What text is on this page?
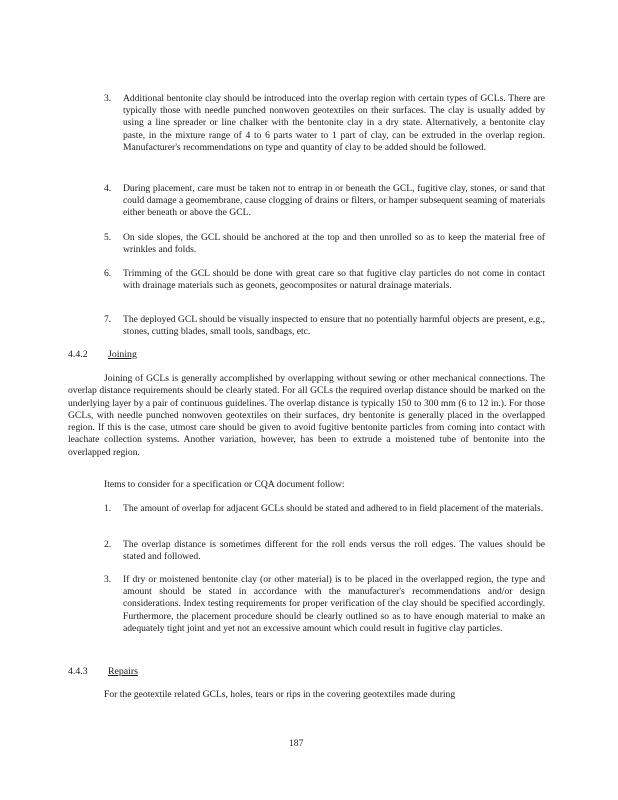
3. Additional bentonite clay should be introduced into the overlap region with certain types of GCLs. There are typically those with needle punched nonwoven geotextiles on their surfaces. The clay is usually added by using a line spreader or line chalker with the bentonite clay in a dry state. Alternatively, a bentonite clay paste, in the mixture range of 4 to 6 parts water to 1 part of clay, can be extruded in the overlap region. Manufacturer's recommendations on type and quantity of clay to be added should be followed.
4. During placement, care must be taken not to entrap in or beneath the GCL, fugitive clay, stones, or sand that could damage a geomembrane, cause clogging of drains or filters, or hamper subsequent seaming of materials either beneath or above the GCL.
5. On side slopes, the GCL should be anchored at the top and then unrolled so as to keep the material free of wrinkles and folds.
6. Trimming of the GCL should be done with great care so that fugitive clay particles do not come in contact with drainage materials such as geonets, geocomposites or natural drainage materials.
7. The deployed GCL should be visually inspected to ensure that no potentially harmful objects are present, e.g., stones, cutting blades, small tools, sandbags, etc.
4.4.2 Joining
Joining of GCLs is generally accomplished by overlapping without sewing or other mechanical connections. The overlap distance requirements should be clearly stated. For all GCLs the required overlap distance should be marked on the underlying layer by a pair of continuous guidelines. The overlap distance is typically 150 to 300 mm (6 to 12 in.). For those GCLs, with needle punched nonwoven geotextiles on their surfaces, dry bentonite is generally placed in the overlapped region. If this is the case, utmost care should be given to avoid fugitive bentonite particles from coming into contact with leachate collection systems. Another variation, however, has been to extrude a moistened tube of bentonite into the overlapped region.
Items to consider for a specification or CQA document follow:
1. The amount of overlap for adjacent GCLs should be stated and adhered to in field placement of the materials.
2. The overlap distance is sometimes different for the roll ends versus the roll edges. The values should be stated and followed.
3. If dry or moistened bentonite clay (or other material) is to be placed in the overlapped region, the type and amount should be stated in accordance with the manufacturer's recommendations and/or design considerations. Index testing requirements for proper verification of the clay should be specified accordingly. Furthermore, the placement procedure should be clearly outlined so as to have enough material to make an adequately tight joint and yet not an excessive amount which could result in fugitive clay particles.
4.4.3 Repairs
For the geotextile related GCLs, holes, tears or rips in the covering geotextiles made during
187
